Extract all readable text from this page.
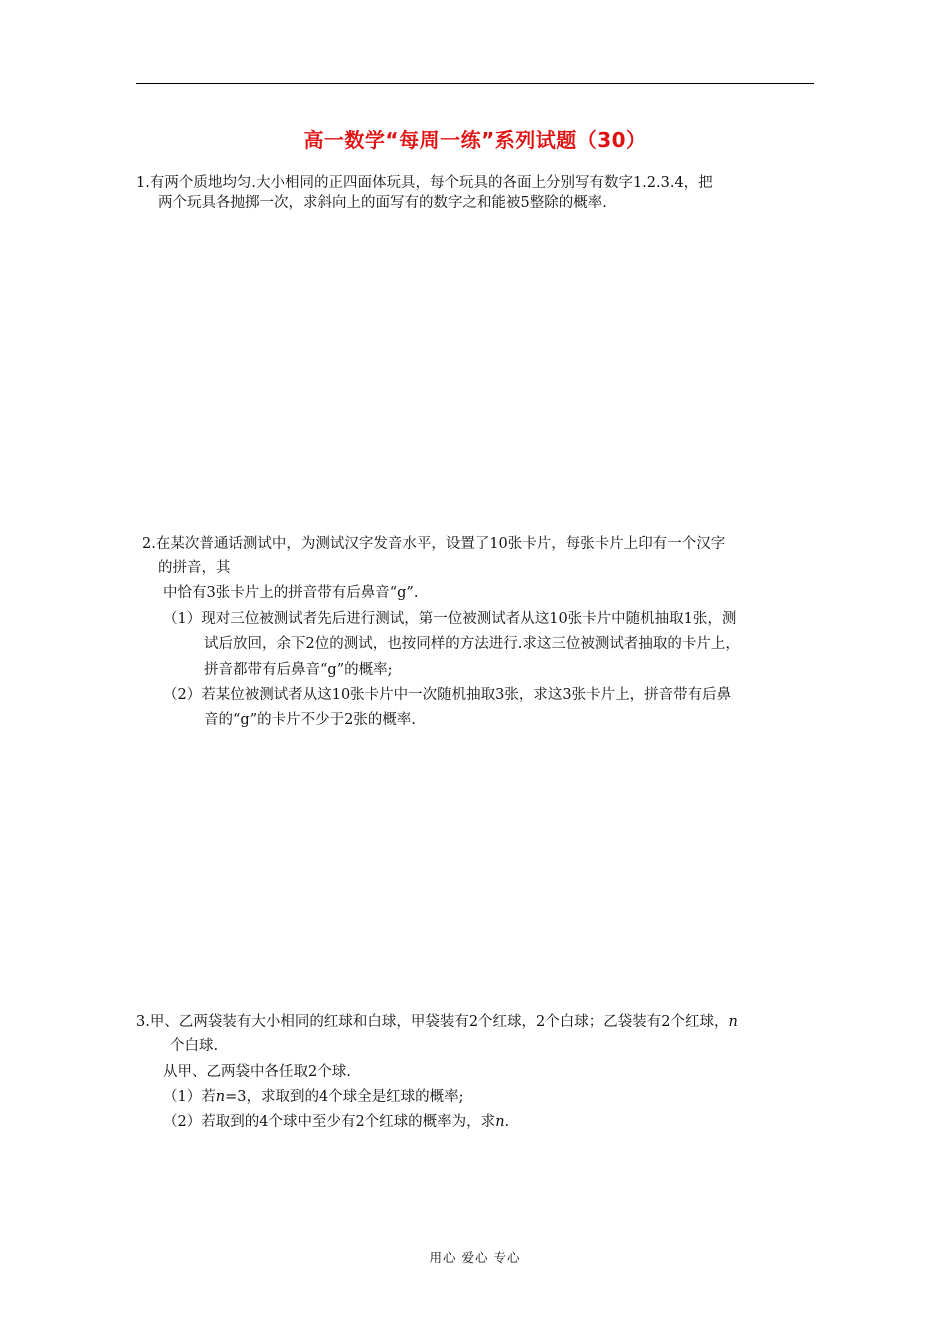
高一数学“每周一练”系列试题（30）
1.有两个质地均匀.大小相同的正四面体玩具，每个玩具的各面上分别写有数字1.2.3.4，把
两个玩具各抛掷一次，求斜向上的面写有的数字之和能被5整除的概率.
2.在某次普通话测试中，为测试汉字发音水平，设置了10张卡片，每张卡片上印有一个汉字
的拼音，其
中恰有3张卡片上的拼音带有后鼻音“g”.
（1）现对三位被测试者先后进行测试，第一位被测试者从这10张卡片中随机抽取1张，测
试后放回，余下2位的测试，也按同样的方法进行.求这三位被测试者抽取的卡片上，
拼音都带有后鼻音“g”的概率;
（2）若某位被测试者从这10张卡片中一次随机抽取3张，求这3张卡片上，拼音带有后鼻
音的“g”的卡片不少于2张的概率.
3.甲、乙两袋装有大小相同的红球和白球，甲袋装有2个红球，2个白球；乙袋装有2个红球，n
个白球.
从甲、乙两袋中各任取2个球.
（1）若n=3，求取到的4个球全是红球的概率;
（2）若取到的4个球中至少有2个红球的概率为，求n.
用心 爱心 专心
